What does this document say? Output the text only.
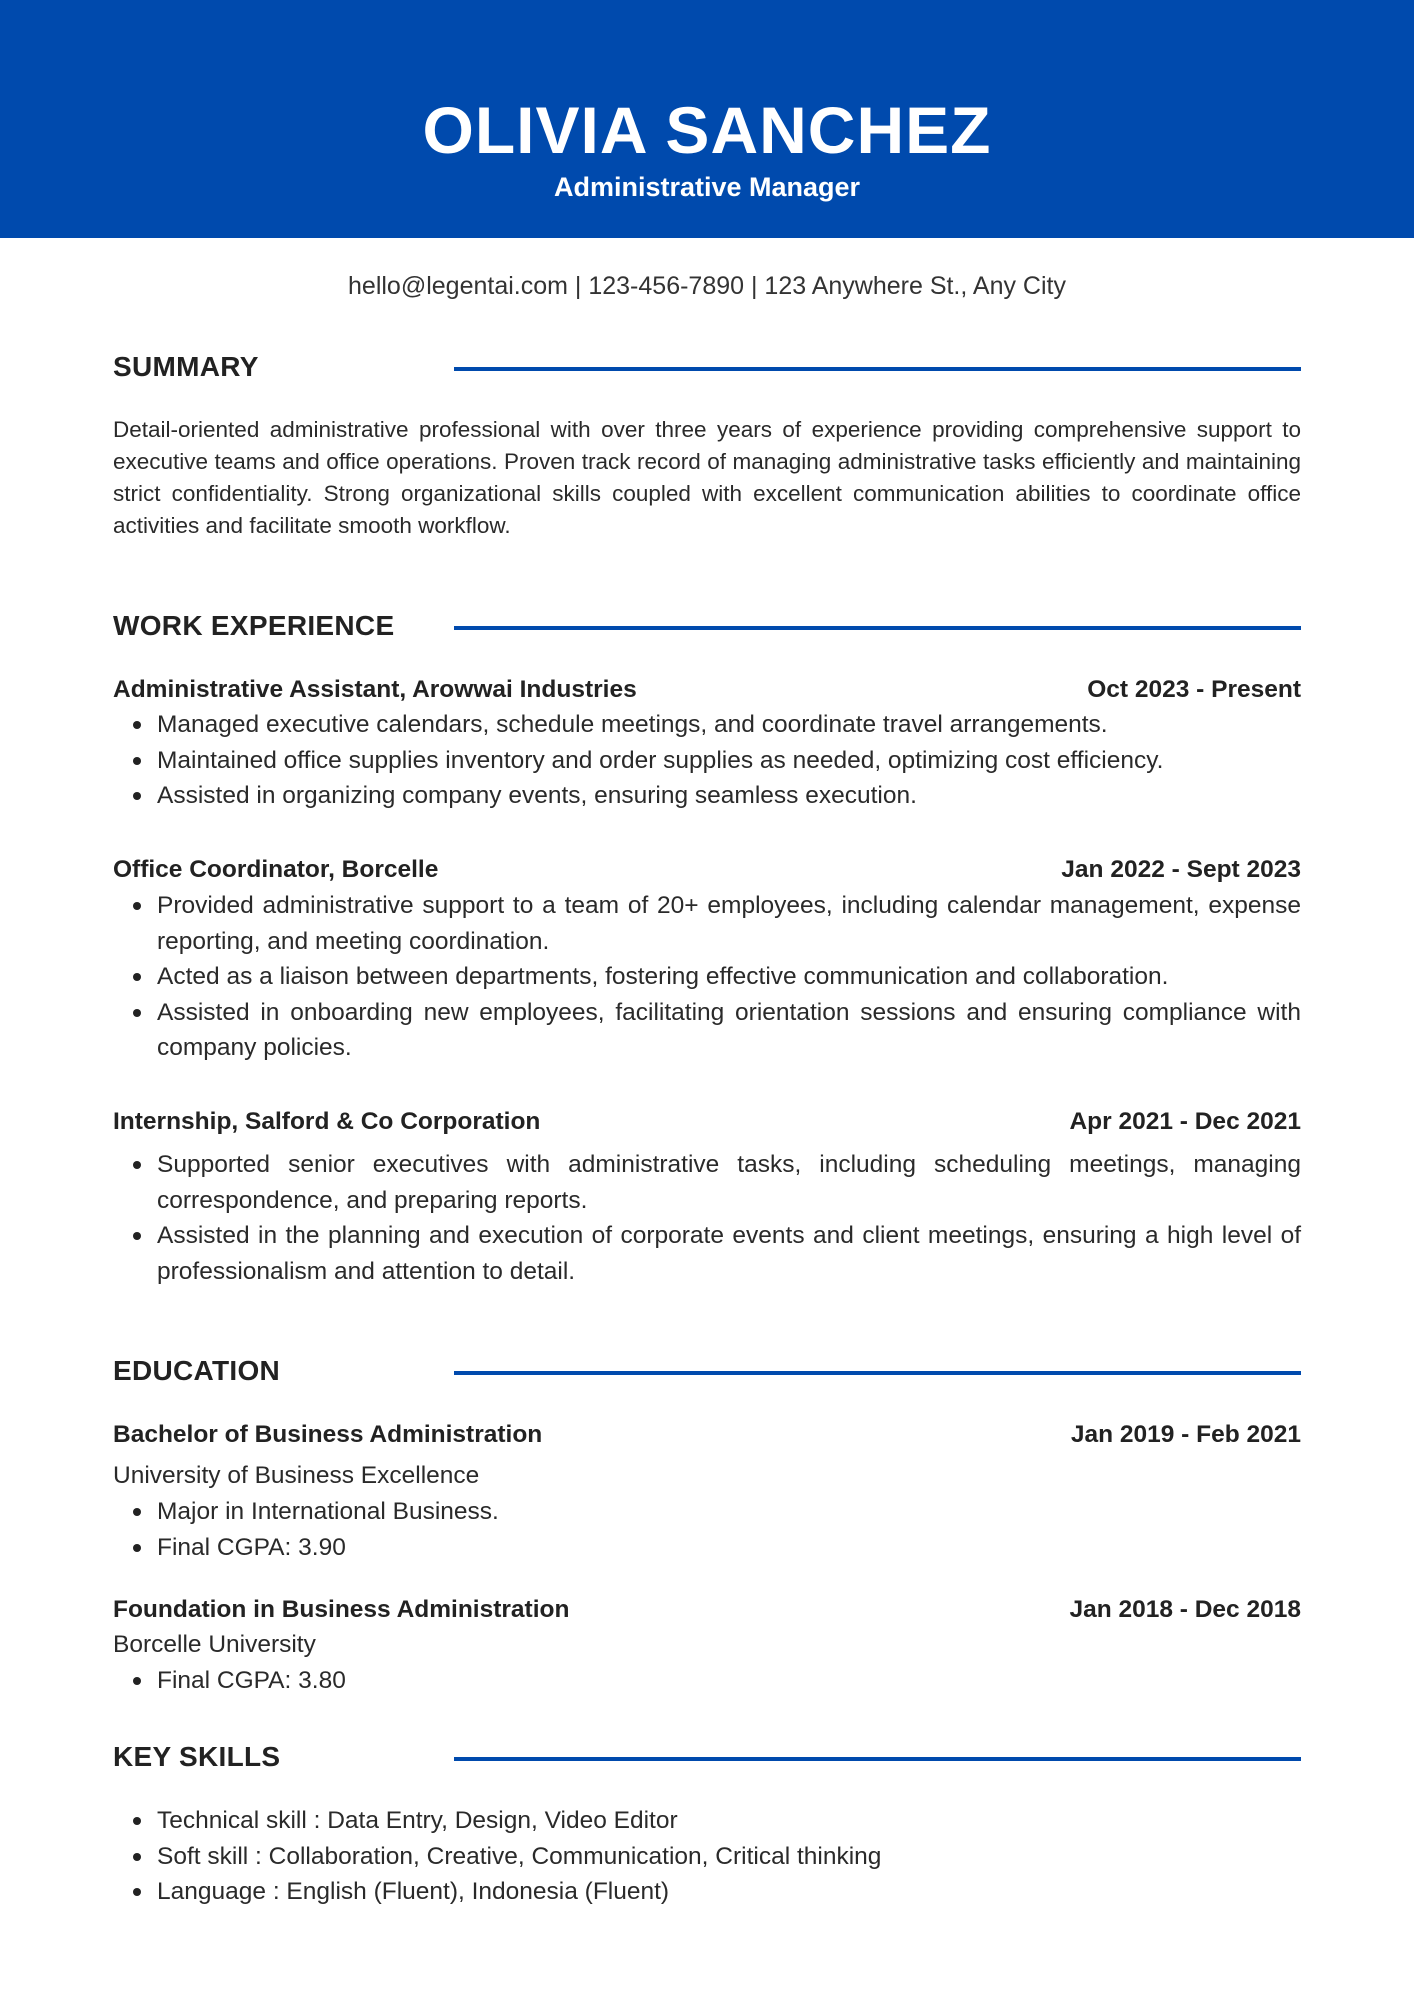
OLIVIA SANCHEZ
Administrative Manager
hello@legentai.com | 123-456-7890 | 123 Anywhere St., Any City
SUMMARY
Detail-oriented administrative professional with over three years of experience providing comprehensive support to executive teams and office operations. Proven track record of managing administrative tasks efficiently and maintaining strict confidentiality. Strong organizational skills coupled with excellent communication abilities to coordinate office activities and facilitate smooth workflow.
WORK EXPERIENCE
Administrative Assistant, Arowwai Industries	Oct 2023 - Present
Managed executive calendars, schedule meetings, and coordinate travel arrangements.
Maintained office supplies inventory and order supplies as needed, optimizing cost efficiency.
Assisted in organizing company events, ensuring seamless execution.
Office Coordinator, Borcelle	Jan 2022 - Sept 2023
Provided administrative support to a team of 20+ employees, including calendar management, expense reporting, and meeting coordination.
Acted as a liaison between departments, fostering effective communication and collaboration.
Assisted in onboarding new employees, facilitating orientation sessions and ensuring compliance with company policies.
Internship, Salford & Co Corporation	Apr 2021 - Dec 2021
Supported senior executives with administrative tasks, including scheduling meetings, managing correspondence, and preparing reports.
Assisted in the planning and execution of corporate events and client meetings, ensuring a high level of professionalism and attention to detail.
EDUCATION
Bachelor of Business Administration	Jan 2019 - Feb 2021
University of Business Excellence
Major in International Business.
Final CGPA: 3.90
Foundation in Business Administration	Jan 2018 - Dec 2018
Borcelle University
Final CGPA: 3.80
KEY SKILLS
Technical skill : Data Entry, Design, Video Editor
Soft skill : Collaboration, Creative, Communication, Critical thinking
Language : English (Fluent), Indonesia (Fluent)
